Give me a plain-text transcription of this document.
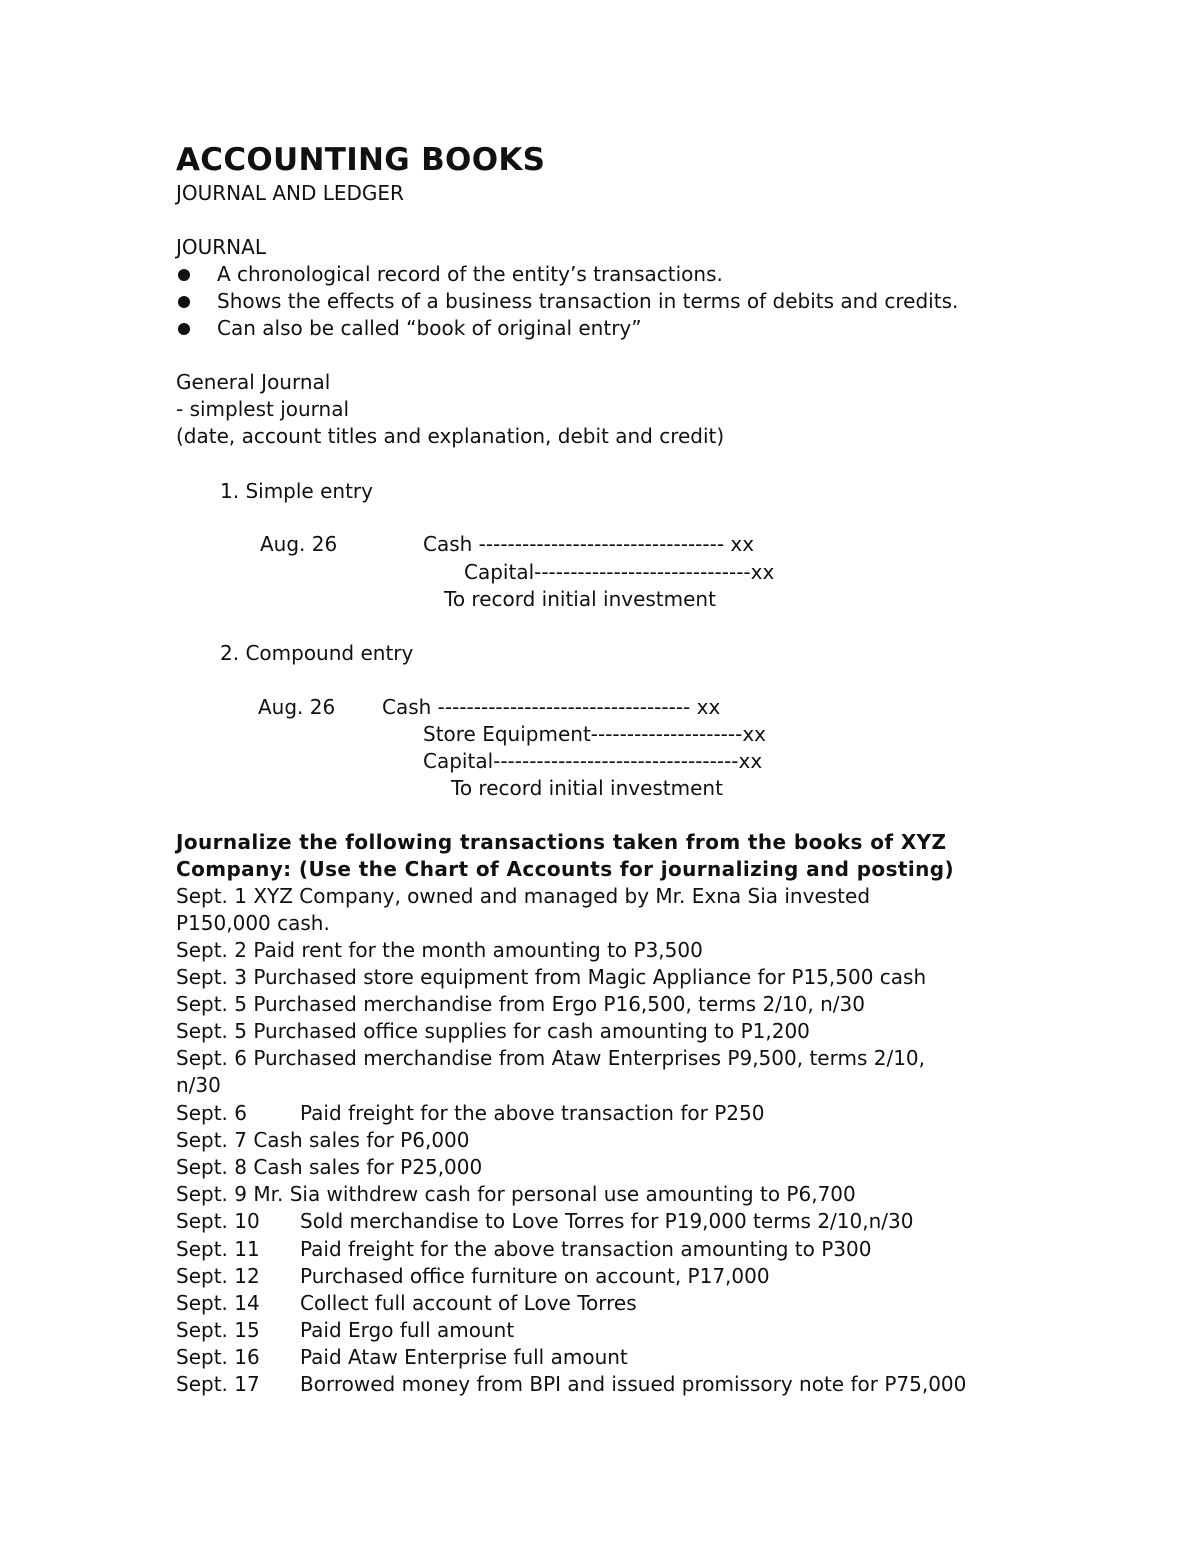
ACCOUNTING BOOKS
JOURNAL AND LEDGER
JOURNAL
A chronological record of the entity’s transactions.
Shows the effects of a business transaction in terms of debits and credits.
Can also be called “book of original entry”
General Journal
- simplest journal
(date, account titles and explanation, debit and credit)
1. Simple entry
Aug. 26	Cash ---------------------------------- xx
Capital------------------------------xx
To record initial investment
2. Compound entry
Aug. 26 Cash ----------------------------------- xx
Store Equipment---------------------xx
Capital----------------------------------xx
To record initial investment
Journalize the following transactions taken from the books of XYZ
Company: (Use the Chart of Accounts for journalizing and posting)
Sept. 1 XYZ Company, owned and managed by Mr. Exna Sia invested
P150,000 cash.
Sept. 2 Paid rent for the month amounting to P3,500
Sept. 3 Purchased store equipment from Magic Appliance for P15,500 cash
Sept. 5 Purchased merchandise from Ergo P16,500, terms 2/10, n/30
Sept. 5 Purchased office supplies for cash amounting to P1,200
Sept. 6 Purchased merchandise from Ataw Enterprises P9,500, terms 2/10,
n/30
Sept. 6	Paid freight for the above transaction for P250
Sept. 7 Cash sales for P6,000
Sept. 8 Cash sales for P25,000
Sept. 9 Mr. Sia withdrew cash for personal use amounting to P6,700
Sept. 10 Sold merchandise to Love Torres for P19,000 terms 2/10,n/30
Sept. 11 Paid freight for the above transaction amounting to P300
Sept. 12 Purchased office furniture on account, P17,000
Sept. 14 Collect full account of Love Torres
Sept. 15 Paid Ergo full amount
Sept. 16 Paid Ataw Enterprise full amount
Sept. 17 Borrowed money from BPI and issued promissory note for P75,000
